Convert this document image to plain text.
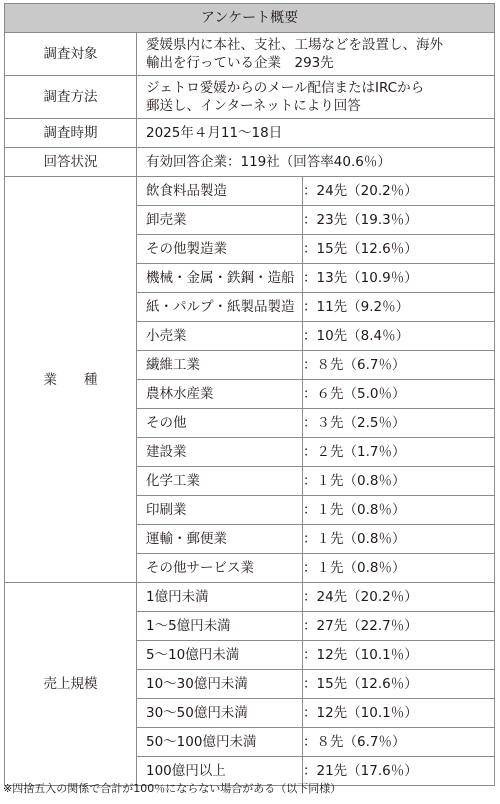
アンケート概要		
調査対象	愛媛県内に本社、支社、工場などを設置し、海外
輸出を行っている企業　293先	

調査方法	ジェトロ愛媛からのメール配信またはIRCから
郵送し、インターネットにより回答	

調査時期	2025年４月11～18日	
回答状況	有効回答企業：119社（回答率40.6％）	
業　　種	飲食料品製造	：24先（20.2％）
	卸売業	：23先（19.3％）
	その他製造業	：15先（12.6％）
	機械・金属・鉄鋼・造船	：13先（10.9％）
	紙・パルプ・紙製品製造	：11先（9.2％）
	小売業	：10先（8.4％）
	繊維工業	：８先（6.7％）
	農林水産業	：６先（5.0％）
	その他	：３先（2.5％）
	建設業	：２先（1.7％）
	化学工業	：１先（0.8％）
	印刷業	：１先（0.8％）
	運輸・郵便業	：１先（0.8％）
	その他サービス業	：１先（0.8％）
売上規模	1億円未満	：24先（20.2％）
	1～5億円未満	：27先（22.7％）
	5～10億円未満	：12先（10.1％）
	10～30億円未満	：15先（12.6％）
	30～50億円未満	：12先（10.1％）
	50～100億円未満	：８先（6.7％）
	100億円以上	：21先（17.6％）
※四捨五入の関係で合計が100％にならない場合がある（以下同様）
